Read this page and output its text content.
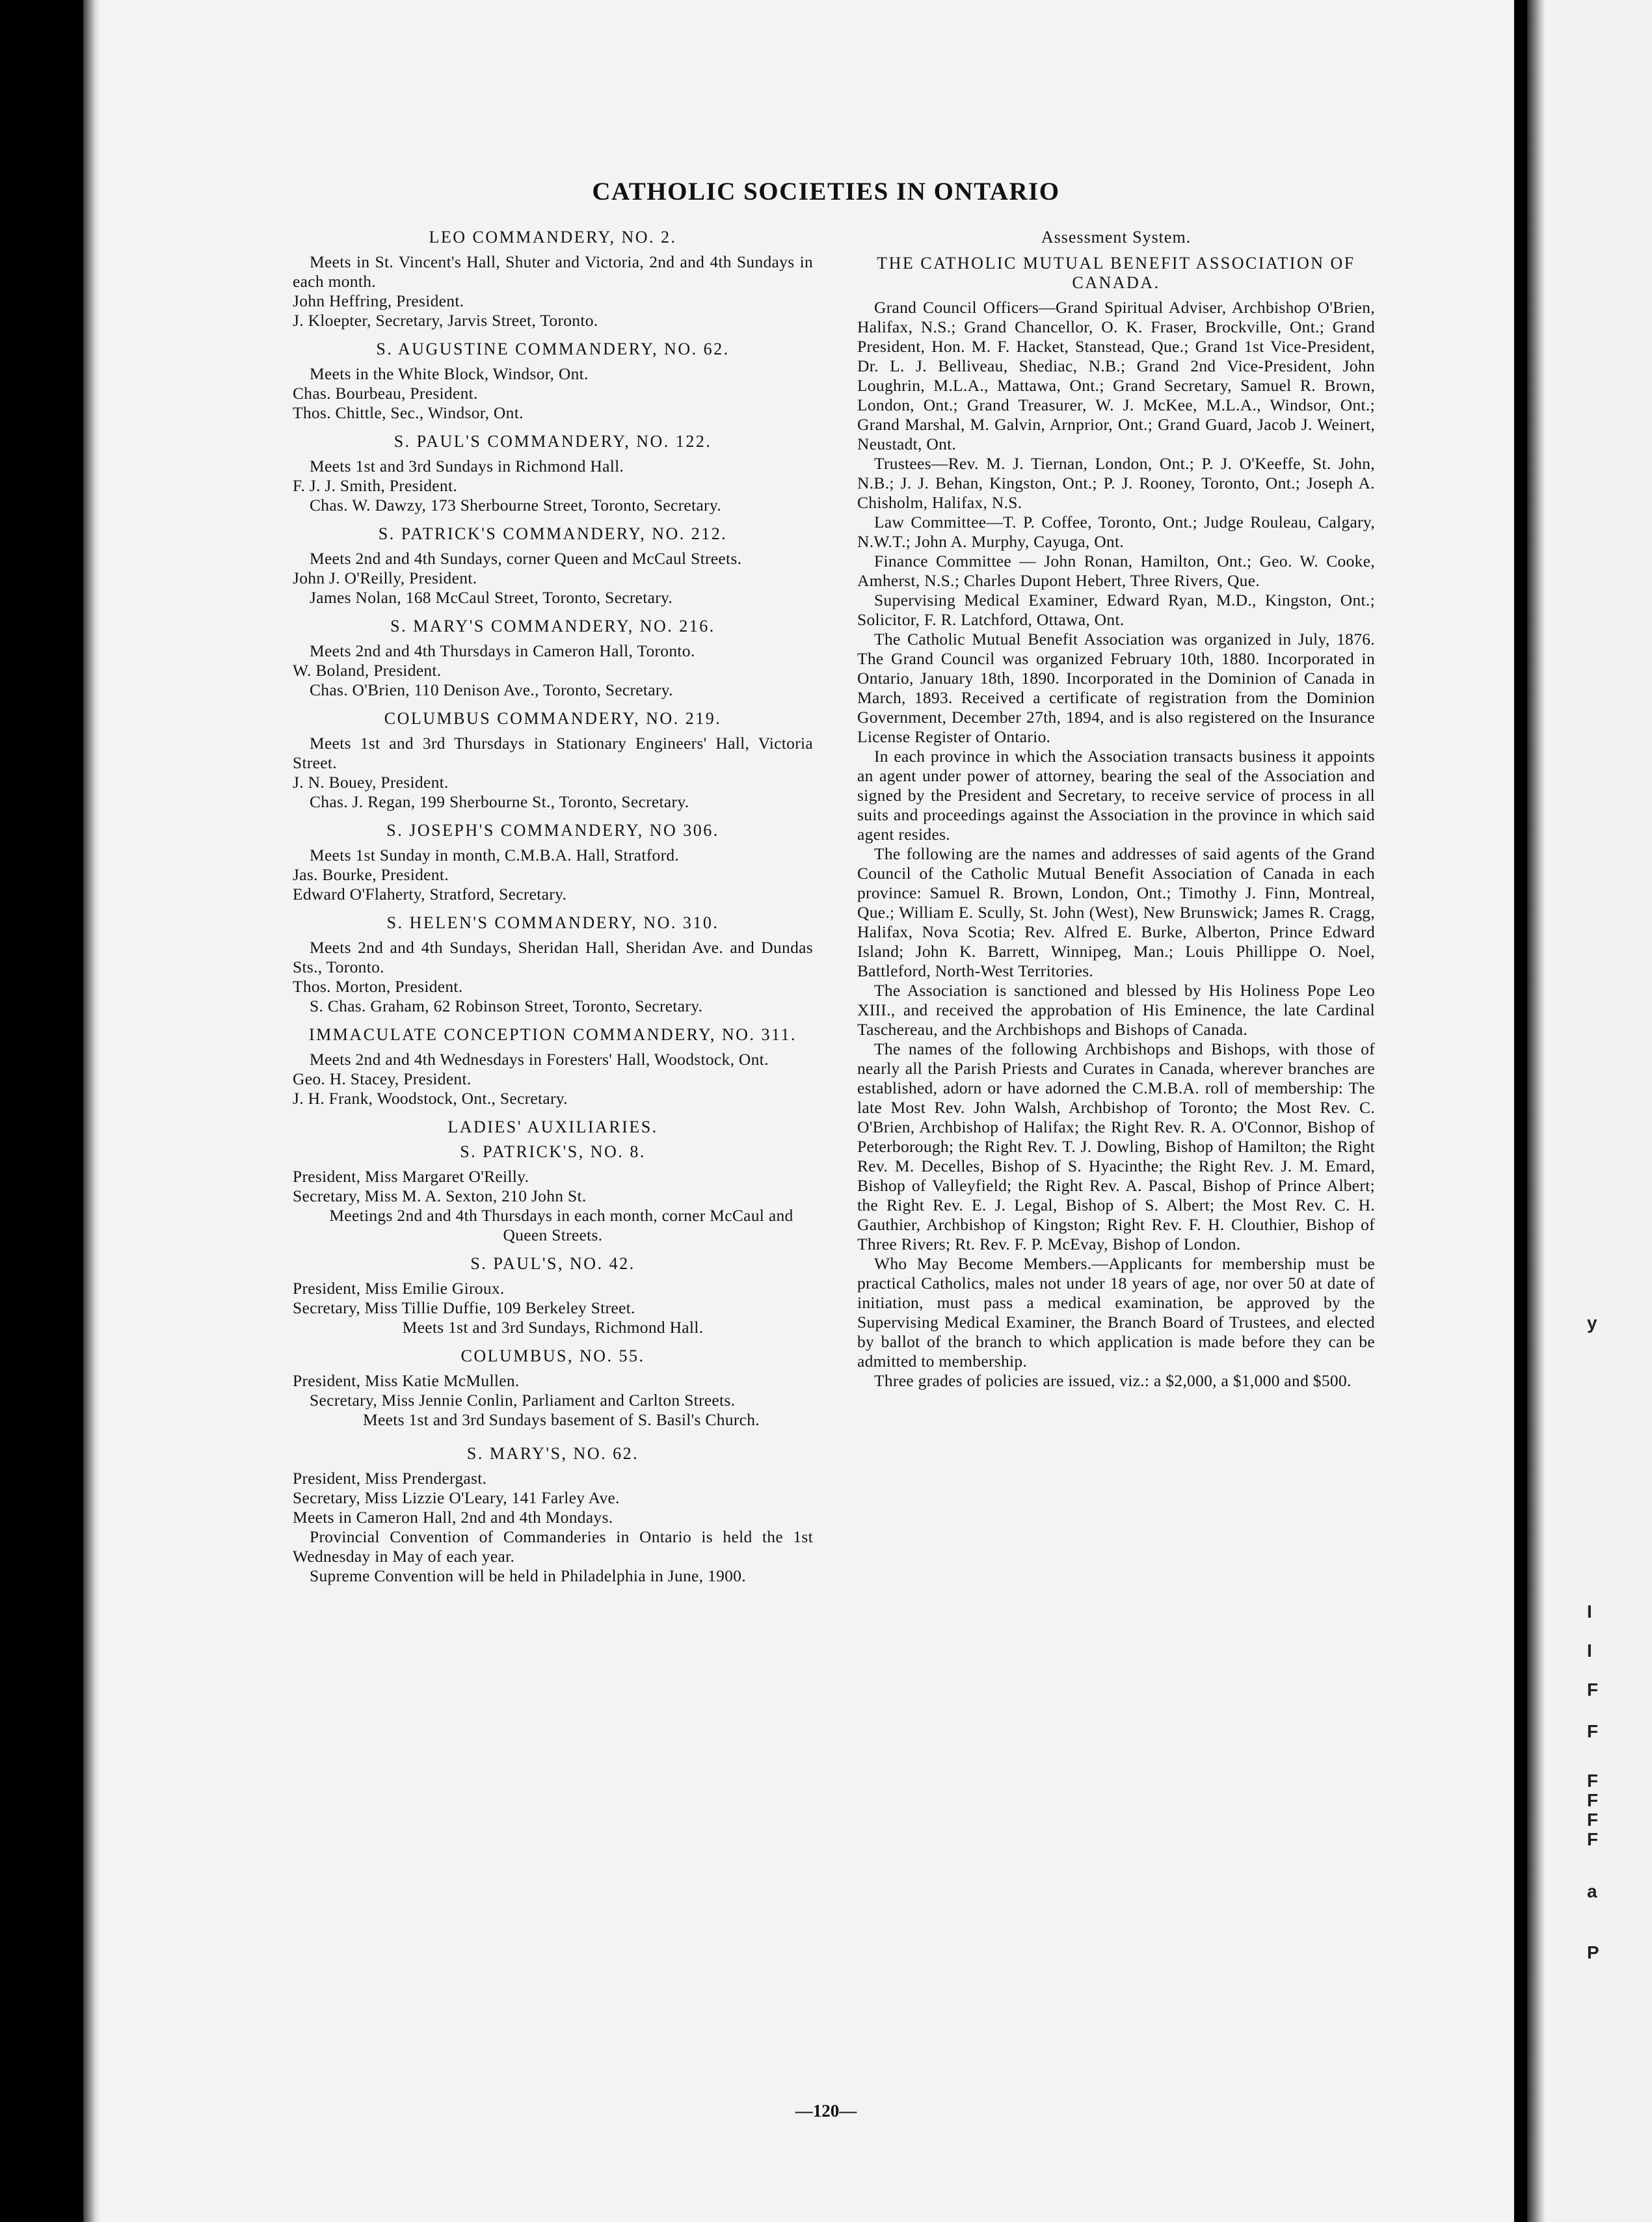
y
I
I
F
F
F
F
F
F
a
P
CATHOLIC SOCIETIES IN ONTARIO
LEO COMMANDERY, NO. 2.

Meets in St. Vincent's Hall, Shuter and Victoria, 2nd and 4th Sundays in each month.

John Heffring, President.

J. Kloepter, Secretary, Jarvis Street, Toronto.

S. AUGUSTINE COMMANDERY, NO. 62.

Meets in the White Block, Windsor, Ont.

Chas. Bourbeau, President.

Thos. Chittle, Sec., Windsor, Ont.

S. PAUL'S COMMANDERY, NO. 122.

Meets 1st and 3rd Sundays in Richmond Hall.

F. J. J. Smith, President.

Chas. W. Dawzy, 173 Sherbourne Street, Toronto, Secretary.

S. PATRICK'S COMMANDERY, NO. 212.

Meets 2nd and 4th Sundays, corner Queen and McCaul Streets.

John J. O'Reilly, President.

James Nolan, 168 McCaul Street, Toronto, Secretary.

S. MARY'S COMMANDERY, NO. 216.

Meets 2nd and 4th Thursdays in Cameron Hall, Toronto.

W. Boland, President.

Chas. O'Brien, 110 Denison Ave., Toronto, Secretary.

COLUMBUS COMMANDERY, NO. 219.

Meets 1st and 3rd Thursdays in Stationary Engineers' Hall, Victoria Street.

J. N. Bouey, President.

Chas. J. Regan, 199 Sherbourne St., Toronto, Secretary.

S. JOSEPH'S COMMANDERY, NO 306.

Meets 1st Sunday in month, C.M.B.A. Hall, Stratford.

Jas. Bourke, President.

Edward O'Flaherty, Stratford, Secretary.

S. HELEN'S COMMANDERY, NO. 310.

Meets 2nd and 4th Sundays, Sheridan Hall, Sheridan Ave. and Dundas Sts., Toronto.

Thos. Morton, President.

S. Chas. Graham, 62 Robinson Street, Toronto, Secretary.

IMMACULATE CONCEPTION COMMANDERY, NO. 311.

Meets 2nd and 4th Wednesdays in Foresters' Hall, Woodstock, Ont.

Geo. H. Stacey, President.

J. H. Frank, Woodstock, Ont., Secretary.

LADIES' AUXILIARIES.
S. PATRICK'S, NO. 8.

President, Miss Margaret O'Reilly.

Secretary, Miss M. A. Sexton, 210 John St.

Meetings 2nd and 4th Thursdays in each month, corner McCaul and Queen Streets.

S. PAUL'S, NO. 42.

President, Miss Emilie Giroux.

Secretary, Miss Tillie Duffie, 109 Berkeley Street.

Meets 1st and 3rd Sundays, Richmond Hall.

COLUMBUS, NO. 55.

President, Miss Katie McMullen.

Secretary, Miss Jennie Conlin, Parliament and Carlton Streets.

Meets 1st and 3rd Sundays basement of S. Basil's Church.

S. MARY'S, NO. 62.

President, Miss Prendergast.

Secretary, Miss Lizzie O'Leary, 141 Farley Ave.

Meets in Cameron Hall, 2nd and 4th Mondays.

Provincial Convention of Commanderies in Ontario is held the 1st Wednesday in May of each year.

Supreme Convention will be held in Philadelphia in June, 1900.

Assessment System.
THE CATHOLIC MUTUAL BENEFIT ASSOCIATION OF CANADA.

Grand Council Officers—Grand Spiritual Adviser, Archbishop O'Brien, Halifax, N.S.; Grand Chancellor, O. K. Fraser, Brockville, Ont.; Grand President, Hon. M. F. Hacket, Stanstead, Que.; Grand 1st Vice-President, Dr. L. J. Belliveau, Shediac, N.B.; Grand 2nd Vice-President, John Loughrin, M.L.A., Mattawa, Ont.; Grand Secretary, Samuel R. Brown, London, Ont.; Grand Treasurer, W. J. McKee, M.L.A., Windsor, Ont.; Grand Marshal, M. Galvin, Arnprior, Ont.; Grand Guard, Jacob J. Weinert, Neustadt, Ont.

Trustees—Rev. M. J. Tiernan, London, Ont.; P. J. O'Keeffe, St. John, N.B.; J. J. Behan, Kingston, Ont.; P. J. Rooney, Toronto, Ont.; Joseph A. Chisholm, Halifax, N.S.

Law Committee—T. P. Coffee, Toronto, Ont.; Judge Rouleau, Calgary, N.W.T.; John A. Murphy, Cayuga, Ont.

Finance Committee — John Ronan, Hamilton, Ont.; Geo. W. Cooke, Amherst, N.S.; Charles Dupont Hebert, Three Rivers, Que.

Supervising Medical Examiner, Edward Ryan, M.D., Kingston, Ont.; Solicitor, F. R. Latchford, Ottawa, Ont.

The Catholic Mutual Benefit Association was organized in July, 1876. The Grand Council was organized February 10th, 1880. Incorporated in Ontario, January 18th, 1890. Incorporated in the Dominion of Canada in March, 1893. Received a certificate of registration from the Dominion Government, December 27th, 1894, and is also registered on the Insurance License Register of Ontario.

In each province in which the Association transacts business it appoints an agent under power of attorney, bearing the seal of the Association and signed by the President and Secretary, to receive service of process in all suits and proceedings against the Association in the province in which said agent resides.

The following are the names and addresses of said agents of the Grand Council of the Catholic Mutual Benefit Association of Canada in each province: Samuel R. Brown, London, Ont.; Timothy J. Finn, Montreal, Que.; William E. Scully, St. John (West), New Brunswick; James R. Cragg, Halifax, Nova Scotia; Rev. Alfred E. Burke, Alberton, Prince Edward Island; John K. Barrett, Winnipeg, Man.; Louis Phillippe O. Noel, Battleford, North-West Territories.

The Association is sanctioned and blessed by His Holiness Pope Leo XIII., and received the approbation of His Eminence, the late Cardinal Taschereau, and the Archbishops and Bishops of Canada.

The names of the following Archbishops and Bishops, with those of nearly all the Parish Priests and Curates in Canada, wherever branches are established, adorn or have adorned the C.M.B.A. roll of membership: The late Most Rev. John Walsh, Archbishop of Toronto; the Most Rev. C. O'Brien, Archbishop of Halifax; the Right Rev. R. A. O'Connor, Bishop of Peterborough; the Right Rev. T. J. Dowling, Bishop of Hamilton; the Right Rev. M. Decelles, Bishop of S. Hyacinthe; the Right Rev. J. M. Emard, Bishop of Valleyfield; the Right Rev. A. Pascal, Bishop of Prince Albert; the Right Rev. E. J. Legal, Bishop of S. Albert; the Most Rev. C. H. Gauthier, Archbishop of Kingston; Right Rev. F. H. Clouthier, Bishop of Three Rivers; Rt. Rev. F. P. McEvay, Bishop of London.

Who May Become Members.—Applicants for membership must be practical Catholics, males not under 18 years of age, nor over 50 at date of initiation, must pass a medical examination, be approved by the Supervising Medical Examiner, the Branch Board of Trustees, and elected by ballot of the branch to which application is made before they can be admitted to membership.

Three grades of policies are issued, viz.: a $2,000, a $1,000 and $500.

—120—
